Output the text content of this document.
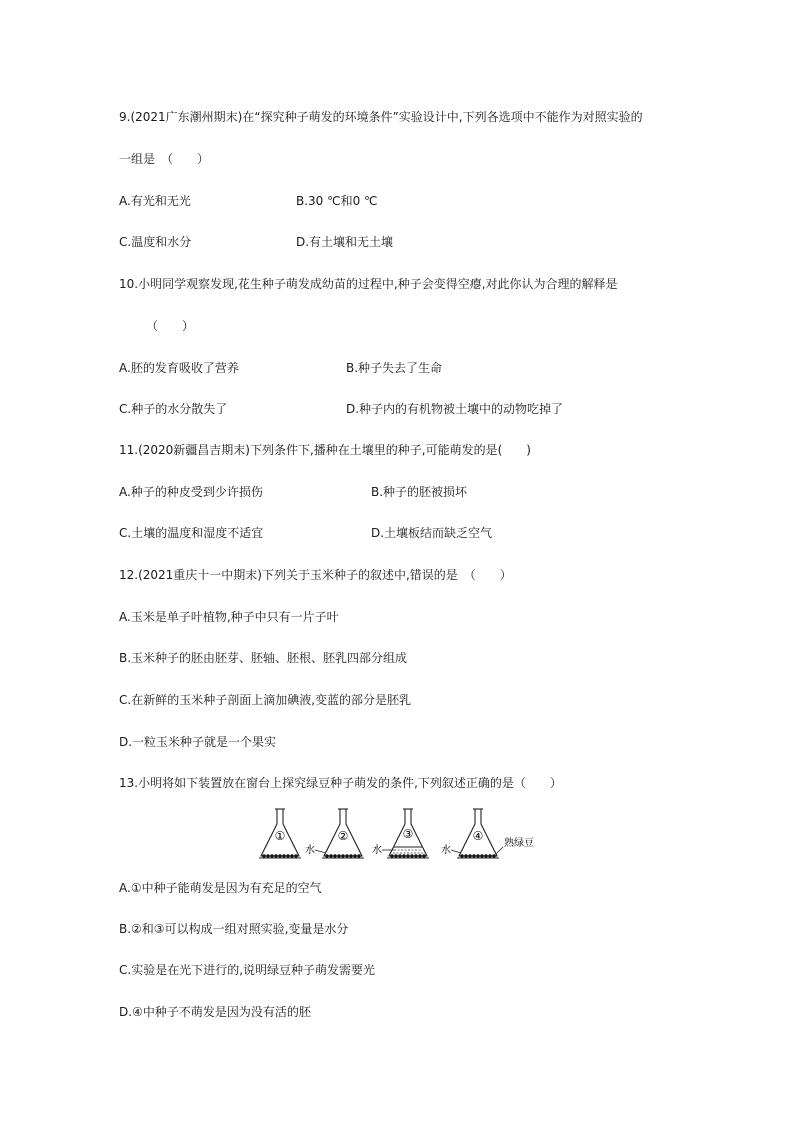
9.(2021广东潮州期末)在“探究种子萌发的环境条件”实验设计中,下列各选项中不能作为对照实验的

一组是　（　　）

A.有光和无光	B.30 ℃和0 ℃
C.温度和水分	D.有土壤和无土壤

10.小明同学观察发现,花生种子萌发成幼苗的过程中,种子会变得空瘪,对此你认为合理的解释是

（　　）

A.胚的发育吸收了营养	B.种子失去了生命
C.种子的水分散失了	D.种子内的有机物被土壤中的动物吃掉了

11.(2020新疆昌吉期末)下列条件下,播种在土壤里的种子,可能萌发的是(　　)

A.种子的种皮受到少许损伤	B.种子的胚被损坏
C.土壤的温度和湿度不适宜	D.土壤板结而缺乏空气

12.(2021重庆十一中期末)下列关于玉米种子的叙述中,错误的是　（　　）

A.玉米是单子叶植物,种子中只有一片子叶

B.玉米种子的胚由胚芽、胚轴、胚根、胚乳四部分组成

C.在新鲜的玉米种子剖面上滴加碘液,变蓝的部分是胚乳

D.一粒玉米种子就是一个果实

13.小明将如下装置放在窗台上探究绿豆种子萌发的条件,下列叙述正确的是（　　）

①	②
水
③
水
④
水
熟绿豆

A.①中种子能萌发是因为有充足的空气

B.②和③可以构成一组对照实验,变量是水分

C.实验是在光下进行的,说明绿豆种子萌发需要光

D.④中种子不萌发是因为没有活的胚
